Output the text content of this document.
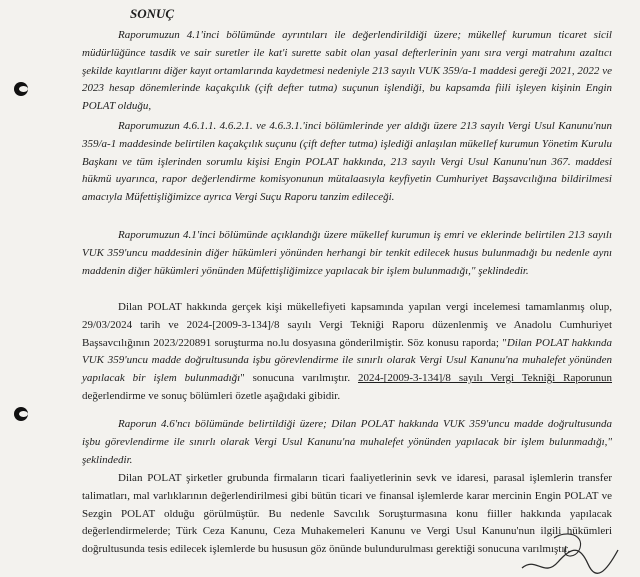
SONUÇ

Raporumuzun 4.1'inci bölümünde ayrıntıları ile değerlendirildiği üzere; mükellef kurumun ticaret sicil müdürlüğünce tasdik ve sair suretler ile kat'i surette sabit olan yasal defterlerinin yanı sıra vergi matrahını azaltıcı şekilde kayıtlarını diğer kayıt ortamlarında kaydetmesi nedeniyle 213 sayılı VUK 359/a-1 maddesi gereği 2021, 2022 ve 2023 hesap dönemlerinde kaçakçılık (çift defter tutma) suçunun işlendiği, bu kapsamda fiili işleyen kişinin Engin POLAT olduğu,

Raporumuzun 4.6.1.1. 4.6.2.1. ve 4.6.3.1.'inci bölümlerinde yer aldığı üzere 213 sayılı Vergi Usul Kanunu'nun 359/a-1 maddesinde belirtilen kaçakçılık suçunu (çift defter tutma) işlediği anlaşılan mükellef kurumun Yönetim Kurulu Başkanı ve tüm işlerinden sorumlu kişisi Engin POLAT hakkında, 213 sayılı Vergi Usul Kanunu'nun 367. maddesi hükmü uyarınca, rapor değerlendirme komisyonunun mütalaasıyla keyfiyetin Cumhuriyet Başsavcılığına bildirilmesi amacıyla Müfettişliğimizce ayrıca Vergi Suçu Raporu tanzim edileceği.

Raporumuzun 4.1'inci bölümünde açıklandığı üzere mükellef kurumun iş emri ve eklerinde belirtilen 213 sayılı VUK 359'uncu maddesinin diğer hükümleri yönünden herhangi bir tenkit edilecek husus bulunmadığı bu nedenle aynı maddenin diğer hükümleri yönünden Müfettişliğimizce yapılacak bir işlem bulunmadığı," şeklindedir.

Dilan POLAT hakkında gerçek kişi mükellefiyeti kapsamında yapılan vergi incelemesi tamamlanmış olup, 29/03/2024 tarih ve 2024-[2009-3-134]/8 sayılı Vergi Tekniği Raporu düzenlenmiş ve Anadolu Cumhuriyet Başsavcılığının 2023/220891 soruşturma no.lu dosyasına gönderilmiştir. Söz konusu raporda; "Dilan POLAT hakkında VUK 359'uncu madde doğrultusunda işbu görevlendirme ile sınırlı olarak Vergi Usul Kanunu'na muhalefet yönünden yapılacak bir işlem bulunmadığı" sonucuna varılmıştır. 2024-[2009-3-134]/8 sayılı Vergi Tekniği Raporunun değerlendirme ve sonuç bölümleri özetle aşağıdaki gibidir.

Raporun 4.6'ncı bölümünde belirtildiği üzere; Dilan POLAT hakkında VUK 359'uncu madde doğrultusunda işbu görevlendirme ile sınırlı olarak Vergi Usul Kanunu'na muhalefet yönünden yapılacak bir işlem bulunmadığı," şeklindedir.

Dilan POLAT şirketler grubunda firmaların ticari faaliyetlerinin sevk ve idaresi, parasal işlemlerin transfer talimatları, mal varlıklarının değerlendirilmesi gibi bütün ticari ve finansal işlemlerde karar mercinin Engin POLAT ve Sezgin POLAT olduğu görülmüştür. Bu nedenle Savcılık Soruşturmasına konu fiiller hakkında yapılacak değerlendirmelerde; Türk Ceza Kanunu, Ceza Muhakemeleri Kanunu ve Vergi Usul Kanunu'nun ilgili hükümleri doğrultusunda tesis edilecek işlemlerde bu hususun göz önünde bulundurulması gerektiği sonucuna varılmıştır.
